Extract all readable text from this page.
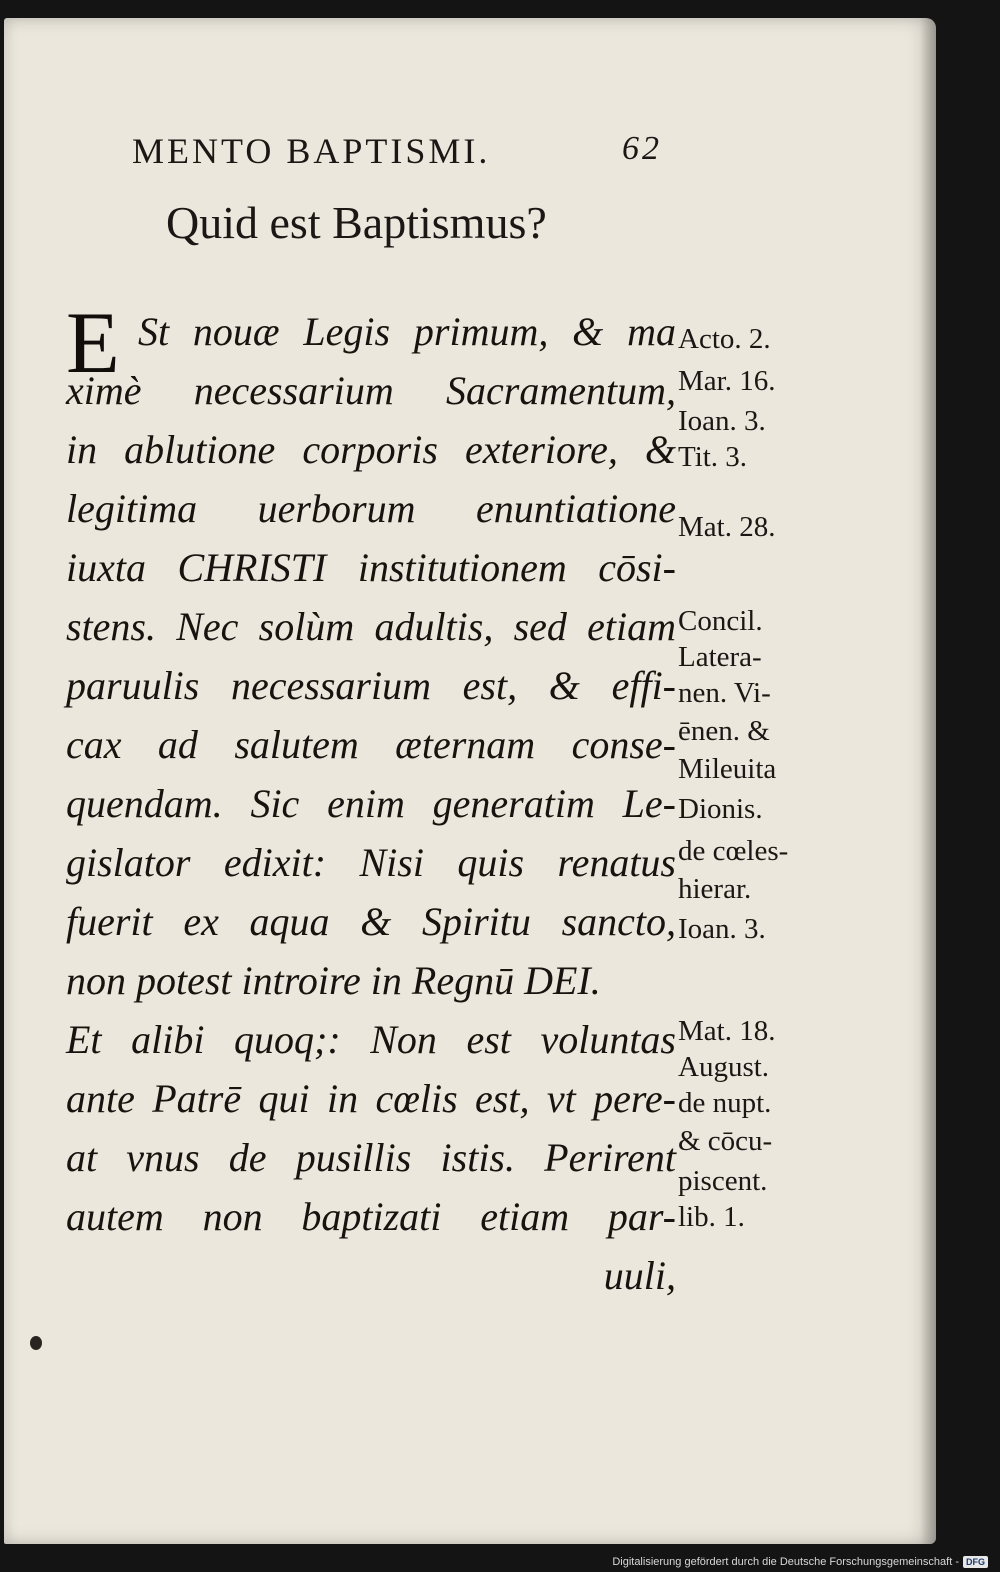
MENTO BAPTISMI.	62
Quid est Baptismus?
E St nouæ Legis primum, & ma
ximè necessarium Sacramentum,
in ablutione corporis exteriore, &
legitima uerborum enuntiatione
iuxta CHRISTI institutionem cōsi-
stens. Nec solùm adultis, sed etiam
paruulis necessarium est, & effi-
cax ad salutem æternam conse-
quendam. Sic enim generatim Le-
gislator edixit: Nisi quis renatus
fuerit ex aqua & Spiritu sancto,
non potest introire in Regnū DEI.
Et alibi quoq;: Non est voluntas
ante Patrē qui in cœlis est, vt pere-
at vnus de pusillis istis. Perirent
autem non baptizati etiam par-
uuli,
Acto. 2.
Mar. 16.
Ioan. 3.
Tit. 3.
Mat. 28.
Concil.
Latera-
nen. Vi-
ēnen. &
Mileuita
Dionis.
de cœles-
hierar.
Ioan. 3.
Mat. 18.
August.
de nupt.
& cōcu-
piscent.
lib. 1.
Digitalisierung gefördert durch die Deutsche Forschungsgemeinschaft - DFG
